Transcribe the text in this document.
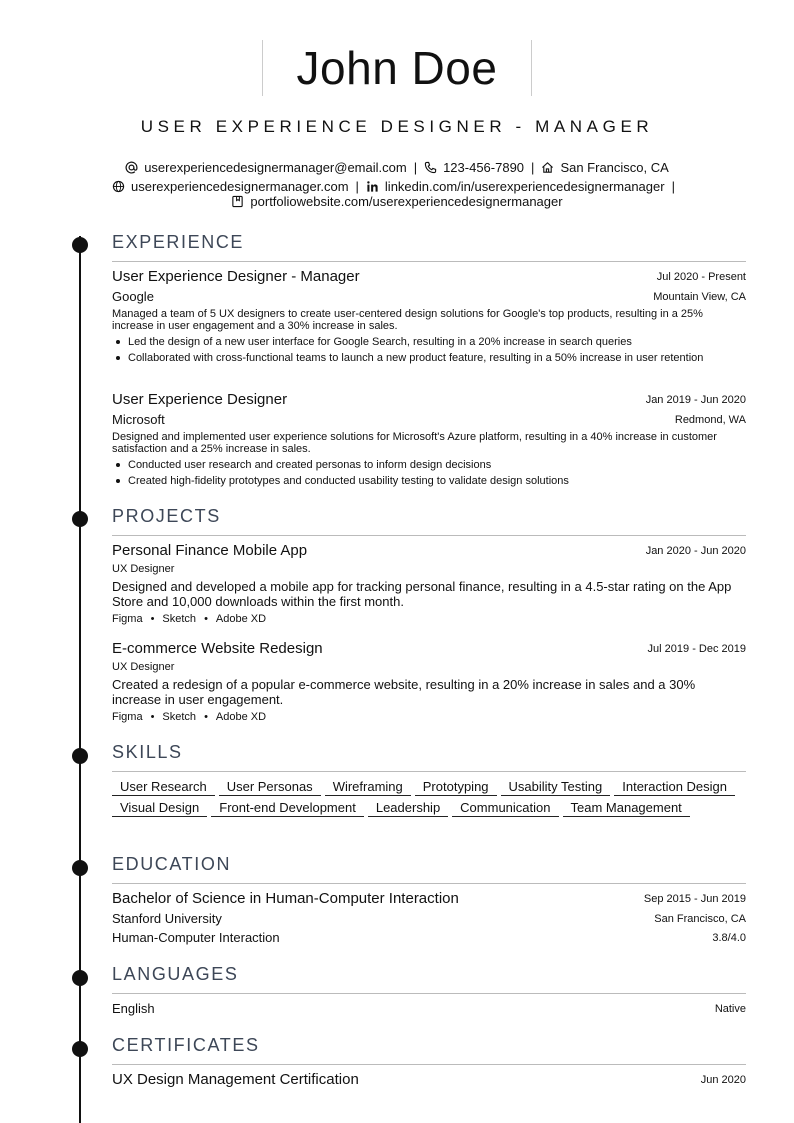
John Doe
USER EXPERIENCE DESIGNER - MANAGER
userexperiencedesignermanager@email.com | 123-456-7890 | San Francisco, CA
userexperiencedesignermanager.com | linkedin.com/in/userexperiencedesignermanager |
portfoliowebsite.com/userexperiencedesignermanager
EXPERIENCE
User Experience Designer - Manager	Jul 2020 - Present
Google	Mountain View, CA
Managed a team of 5 UX designers to create user-centered design solutions for Google's top products, resulting in a 25% increase in user engagement and a 30% increase in sales.
Led the design of a new user interface for Google Search, resulting in a 20% increase in search queries
Collaborated with cross-functional teams to launch a new product feature, resulting in a 50% increase in user retention
User Experience Designer	Jan 2019 - Jun 2020
Microsoft	Redmond, WA
Designed and implemented user experience solutions for Microsoft's Azure platform, resulting in a 40% increase in customer satisfaction and a 25% increase in sales.
Conducted user research and created personas to inform design decisions
Created high-fidelity prototypes and conducted usability testing to validate design solutions
PROJECTS
Personal Finance Mobile App	Jan 2020 - Jun 2020
UX Designer
Designed and developed a mobile app for tracking personal finance, resulting in a 4.5-star rating on the App Store and 10,000 downloads within the first month.
Figma • Sketch • Adobe XD
E-commerce Website Redesign	Jul 2019 - Dec 2019
UX Designer
Created a redesign of a popular e-commerce website, resulting in a 20% increase in sales and a 30% increase in user engagement.
Figma • Sketch • Adobe XD
SKILLS
User Research User Personas Wireframing Prototyping Usability Testing Interaction DesignVisual Design Front-end Development Leadership Communication Team Management
EDUCATION
Bachelor of Science in Human-Computer Interaction	Sep 2015 - Jun 2019
Stanford University	San Francisco, CA
Human-Computer Interaction	3.8/4.0
LANGUAGES
English	Native
CERTIFICATES
UX Design Management Certification	Jun 2020
